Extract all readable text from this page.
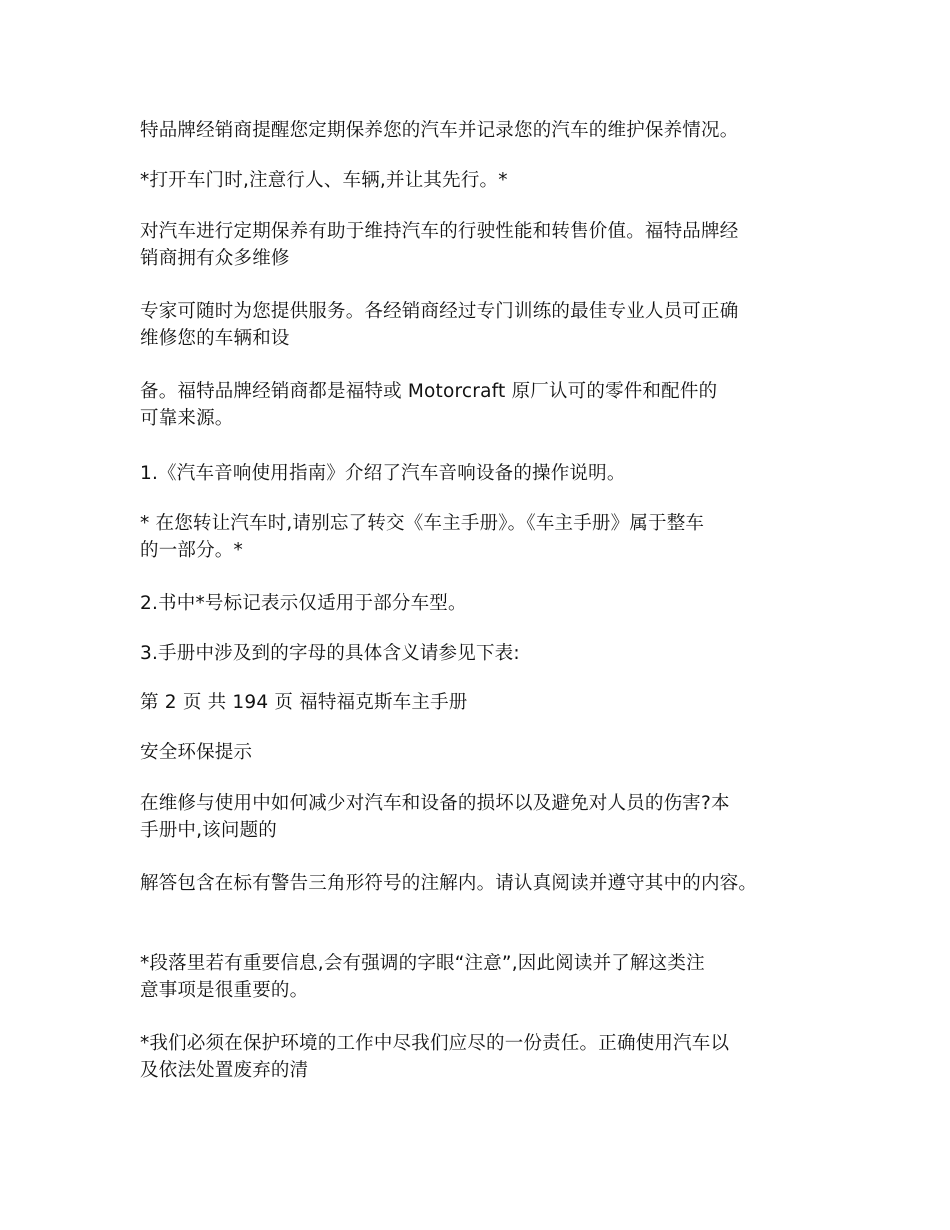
特品牌经销商提醒您定期保养您的汽车并记录您的汽车的维护保养情况。

*打开车门时,注意行人、车辆,并让其先行。*

对汽车进行定期保养有助于维持汽车的行驶性能和转售价值。福特品牌经
销商拥有众多维修

专家可随时为您提供服务。各经销商经过专门训练的最佳专业人员可正确
维修您的车辆和设

备。福特品牌经销商都是福特或 Motorcraft 原厂认可的零件和配件的
可靠来源。

1.《汽车音响使用指南》介绍了汽车音响设备的操作说明。

* 在您转让汽车时,请别忘了转交《车主手册》。《车主手册》属于整车
的一部分。*

2.书中*号标记表示仅适用于部分车型。

3.手册中涉及到的字母的具体含义请参见下表:

第 2 页 共 194 页 福特福克斯车主手册

安全环保提示

在维修与使用中如何减少对汽车和设备的损坏以及避免对人员的伤害?本
手册中,该问题的

解答包含在标有警告三角形符号的注解内。请认真阅读并遵守其中的内容。

*段落里若有重要信息,会有强调的字眼“注意”,因此阅读并了解这类注
意事项是很重要的。

*我们必须在保护环境的工作中尽我们应尽的一份责任。正确使用汽车以
及依法处置废弃的清
